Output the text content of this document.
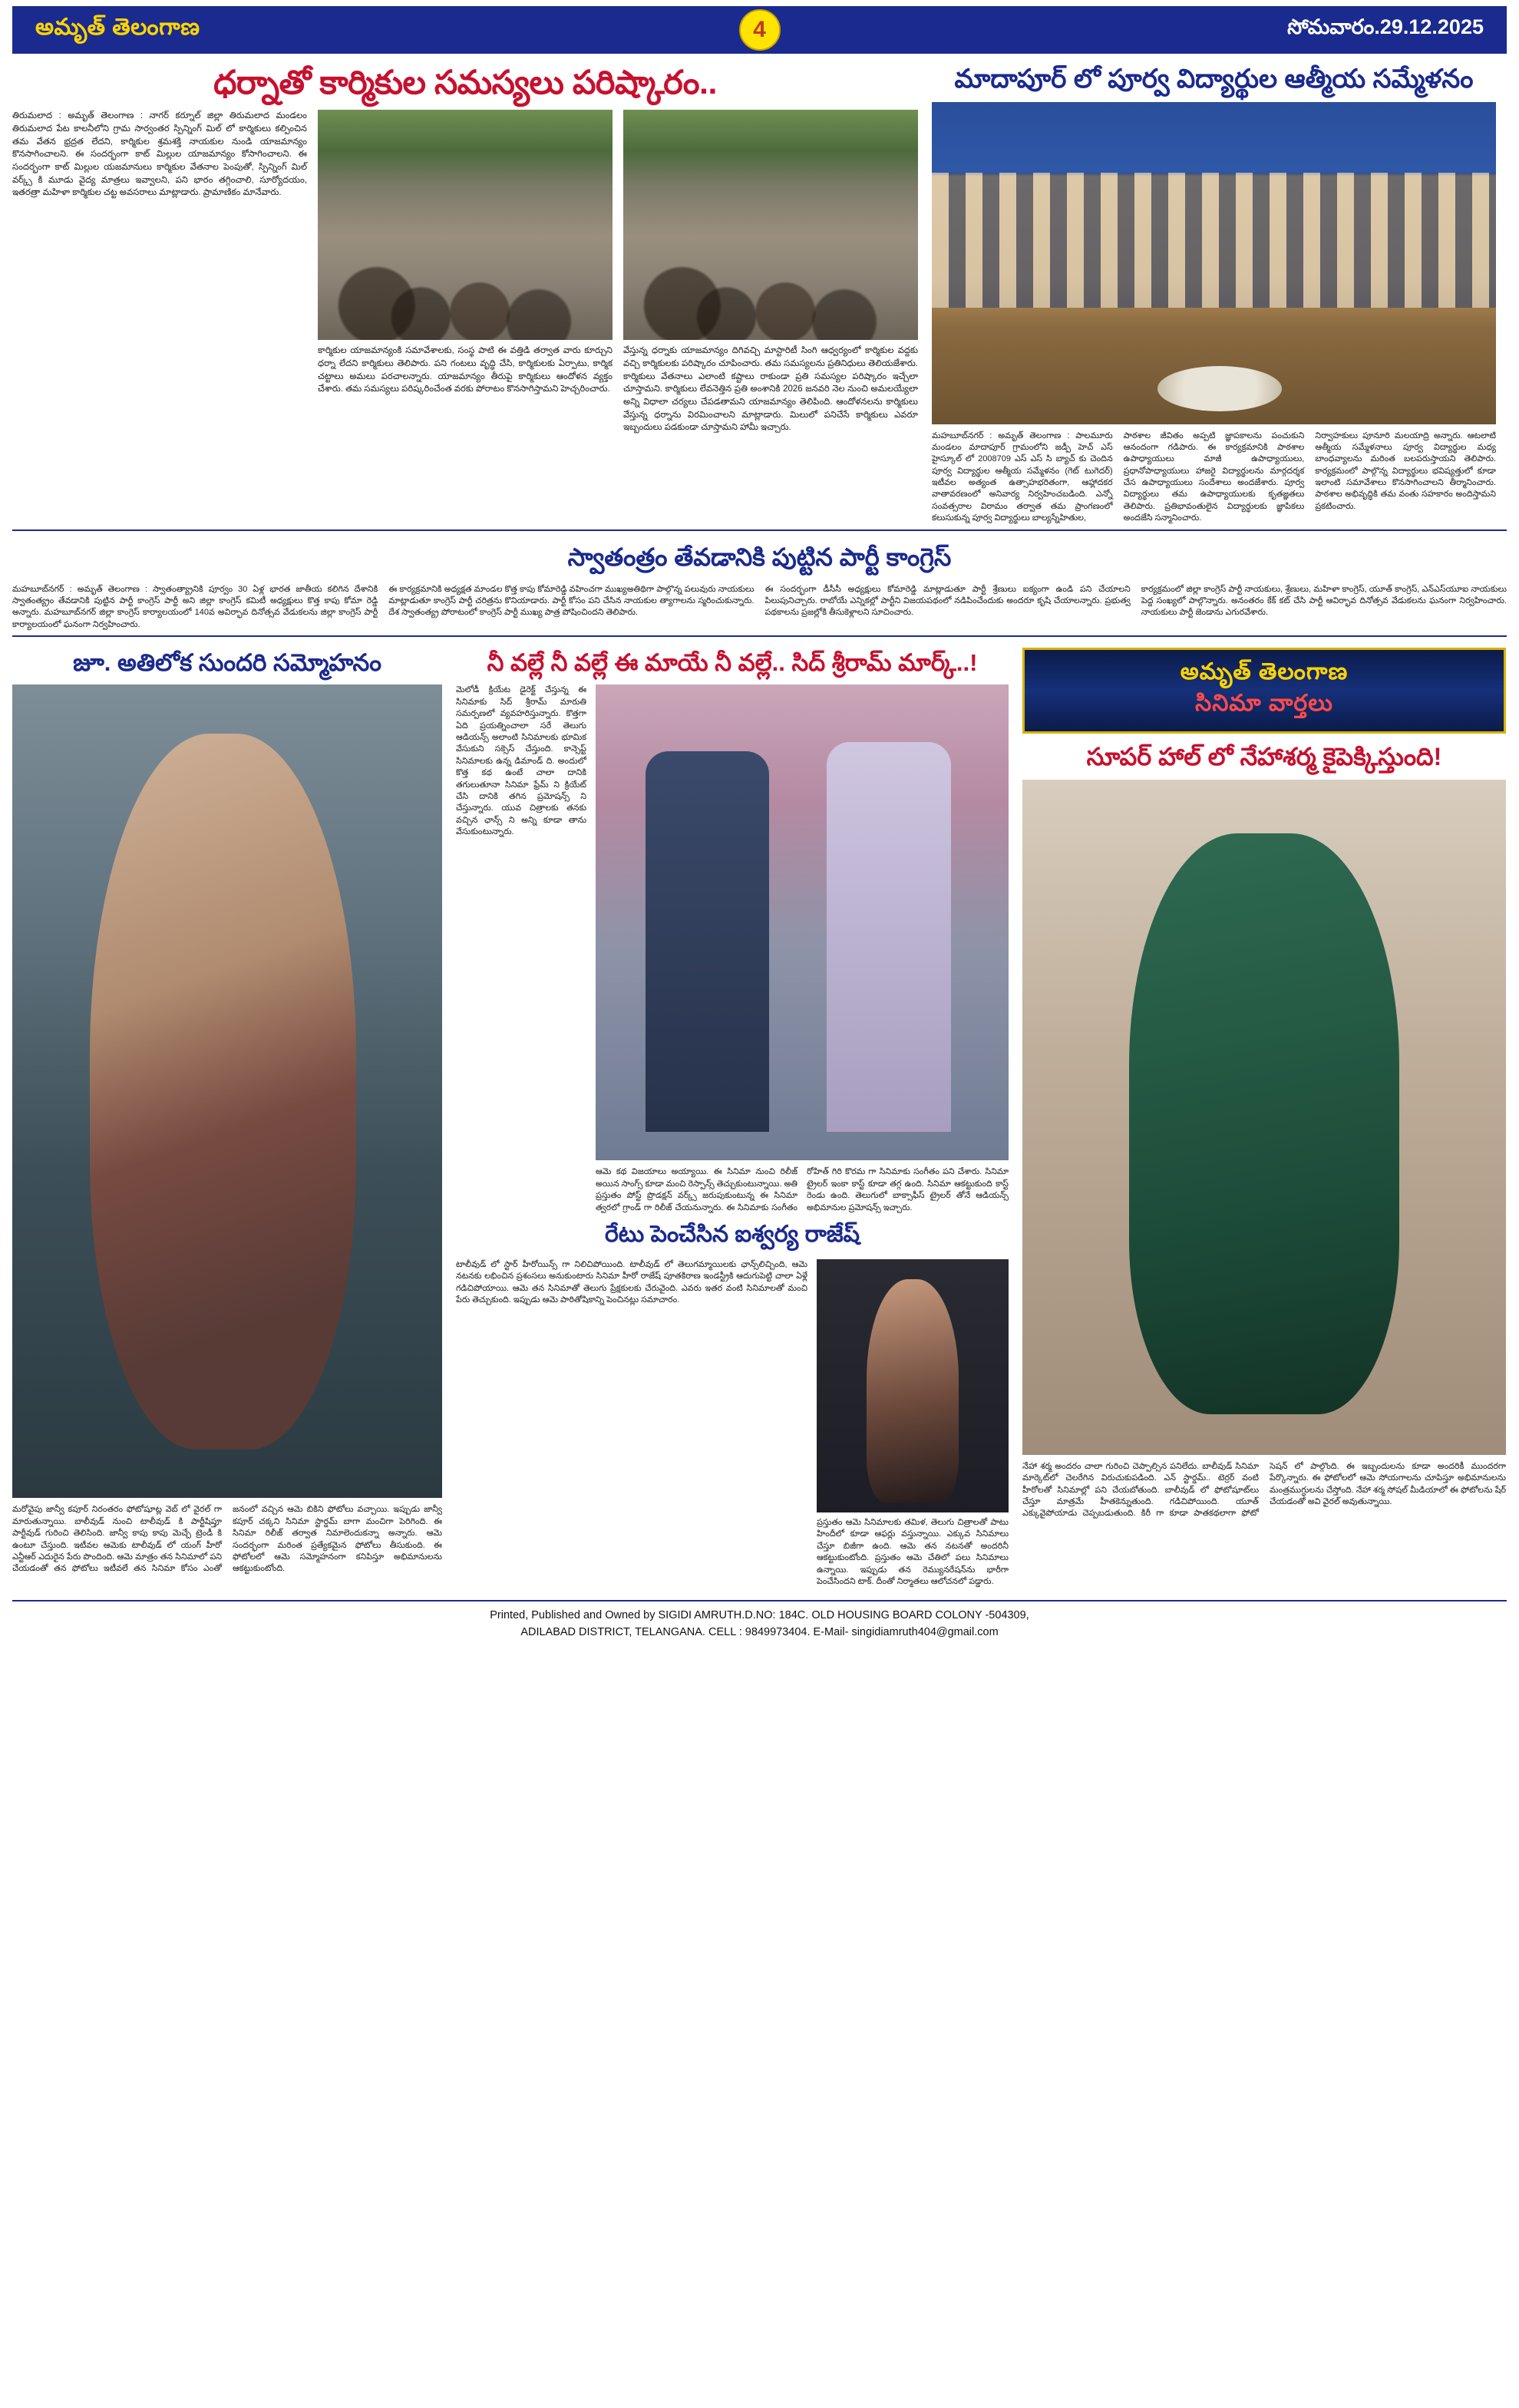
అమృత్ తెలంగాణ	4	సోమవారం.29.12.2025
ధర్నాతో కార్మికుల సమస్యలు పరిష్కారం..
తిరుమలాద : అమృత్ తెలంగాణ : నాగర్ కర్నూల్ జిల్లా తిరుమలాద మండలం తిరుమలాద పేట కాలనీలోని గ్రామ సార్వంతర స్పిన్నింగ్ మిల్ లో కార్మికులు కల్పించిన తమ వేతన భ్రద్రత లేదని, కార్మికుల శ్రమశక్తి నాయకుల నుండి యాజమాన్యం కొనసాగించాలని. ఈ సందర్భంగా కాట్ మిల్లుల యాజమాన్యం కోసాగించాలని. ఈ సందర్భంగా కాట్ మిల్లుల యజమానులు కార్మికుల వేతనాల పెంపుతో, స్పిన్నింగ్ మిల్ వర్క్స్ కి మూడు వైద్య మాత్రలు ఇవ్వాలని, పని భారం తగ్గించాలి, సూర్యోదయం, ఇతరత్రా మహిళా కార్మికుల చట్ట అవసరాలు మాట్లాడారు. ప్రామాణికం మానేవారు.
కార్మికుల యాజమాన్యంకి సమావేశాలకు, సంస్థ పాటి ఈ వత్తిడి తర్వాత వారు కూర్చుని ధర్నా లేదని కార్మికులు తెలిపారు. పని గంటలు వృద్ధి చేసి, కార్మికులకు ఏర్పాటు, కార్మిక చట్టాలు అమలు పరచాలన్నారు. యాజమాన్యం తీరుపై కార్మికులు ఆందోళన వ్యక్తం చేశారు. తమ సమస్యలు పరిష్కరించేంత వరకు పోరాటం కొనసాగిస్తామని హెచ్చరించారు.
వేస్తున్న ధర్నాకు యాజమాన్యం దిగివచ్చి మాస్టారిటీ సింగి ఆధ్వర్యంలో కార్మికుల వద్దకు వచ్చి కార్మికులకు పరిష్కారం చూపించారు. తమ సమస్యలను ప్రతినిధులు తెలియజేశారు. కార్మికులు వేతనాలు ఎలాంటి కష్టాలు రాకుండా ప్రతి సమస్యల పరిష్కారం ఇచ్చేలా చూస్తామని. కార్మికులు లేవనెత్తిన ప్రతి అంశానికి 2026 జనవరి నెల నుంచి అమలయ్యేలా అన్ని విధాలా చర్యలు చేపడతామని యాజమాన్యం తెలిపింది. ఆందోళనలను కార్మికులు వేస్తున్న ధర్నాను విరమించాలని మాట్లాడారు. మిలులో పనిచేసే కార్మికులు ఎవరూ ఇబ్బందులు పడకుండా చూస్తామని హామీ ఇచ్చారు.
మాదాపూర్ లో పూర్వ విద్యార్థుల ఆత్మీయ సమ్మేళనం
మహబూబ్‌నగర్ : అమృత్ తెలంగాణ : పాలమూరు మండలం మాదాపూర్ గ్రామంలోని జడ్పీ హెచ్ ఎస్ హైస్కూల్ లో 2008709 ఎస్ ఎస్ సి బ్యాచ్ కు చెందిన పూర్వ విద్యార్థుల ఆత్మీయ సమ్మేళనం (గెట్ టుగెదర్) ఇటీవల అత్యంత ఉత్సాహభరితంగా, ఆహ్లాదకర వాతావరణంలో అనివార్య నిర్వహించబడింది. ఎన్నో సంవత్సరాల విరామం తర్వాత తమ ప్రాంగణంలో కలుసుకున్న పూర్వ విద్యార్థులు బాల్యస్నేహితుల,
పాఠశాల జీవితం అప్పటి జ్ఞాపకాలను పంచుకుని ఆనందంగా గడిపారు. ఈ కార్యక్రమానికి పాఠశాల ఉపాధ్యాయులు మాజీ ఉపాధ్యాయులు, ప్రధానోపాధ్యాయులు హాజరై విద్యార్థులను మార్గదర్శక చేస ఉపాధ్యాయులు సందేశాలు అందజేశారు. పూర్వ విద్యార్థులు తమ ఉపాధ్యాయులకు కృతజ్ఞతలు తెలిపారు. ప్రతిభావంతులైన విద్యార్థులకు జ్ఞాపికలు అందజేసి సన్మానించారు.
నిర్వాహకులు పూనూరి మలయాద్రి అన్నారు. ఆటలాటి ఆత్మీయ సమ్మేళనాలు పూర్వ విద్యార్థుల మధ్య బాంధవ్యాలను మరింత బలపరుస్తాయని తెలిపారు. కార్యక్రమంలో పాల్గొన్న విద్యార్థులు భవిష్యత్తులో కూడా ఇలాంటి సమావేశాలు కొనసాగించాలని తీర్మానించారు. పాఠశాల అభివృద్ధికి తమ వంతు సహకారం అందిస్తామని ప్రకటించారు.
స్వాతంత్రం తేవడానికి పుట్టిన పార్టీ కాంగ్రెస్
మహబూబ్‌నగర్ : అమృత్ తెలంగాణ : స్వాతంత్య్రానికి పూర్వం 30 ఏళ్ల భారత జాతీయ కలిగిన దేశానికి స్వాతంత్య్రం తేవడానికి పుట్టిన పార్టీ కాంగ్రెస్ పార్టీ అని జిల్లా కాంగ్రెస్ కమిటీ అధ్యక్షులు కొత్త కాపు కోమా రెడ్డి అన్నారు. మహబూబ్‌నగర్ జిల్లా కాంగ్రెస్ కార్యాలయంలో 140వ అవిర్భావ దినోత్సవ వేడుకలను జిల్లా కాంగ్రెస్ పార్టీ కార్యాలయంలో ఘనంగా నిర్వహించారు.
ఈ కార్యక్రమానికి అధ్యక్షత మాండల కొత్త కాపు కోమారెడ్డి వహించగా ముఖ్యఅతిథిగా పాల్గొన్న పలువురు నాయకులు మాట్లాడుతూ కాంగ్రెస్ పార్టీ చరిత్రను కొనియాడారు. పార్టీ కోసం పని చేసిన నాయకుల త్యాగాలను స్మరించుకున్నారు. దేశ స్వాతంత్య్ర పోరాటంలో కాంగ్రెస్ పార్టీ ముఖ్య పాత్ర పోషించిందని తెలిపారు.
ఈ సందర్భంగా డీసీసీ అధ్యక్షులు కోమారెడ్డి మాట్లాడుతూ పార్టీ శ్రేణులు ఐక్యంగా ఉండి పని చేయాలని పిలుపునిచ్చారు. రాబోయే ఎన్నికల్లో పార్టీని విజయపథంలో నడిపించేందుకు అందరూ కృషి చేయాలన్నారు. ప్రభుత్వ పథకాలను ప్రజల్లోకి తీసుకెళ్లాలని సూచించారు.
కార్యక్రమంలో జిల్లా కాంగ్రెస్ పార్టీ నాయకులు, శ్రేణులు, మహిళా కాంగ్రెస్, యూత్ కాంగ్రెస్, ఎన్ఎస్‌యూఐ నాయకులు పెద్ద సంఖ్యలో పాల్గొన్నారు. అనంతరం కేక్ కట్ చేసి పార్టీ ఆవిర్భావ దినోత్సవ వేడుకలను ఘనంగా నిర్వహించారు. నాయకులు పార్టీ జెండాను ఎగురవేశారు.
జూ. అతిలోక సుందరి సమ్మోహనం
మరోవైపు జాన్వీ కపూర్ నిరంతరం ఫోటోషూట్ల వెబ్ లో వైరల్ గా మారుతున్నాయి. బాలీవుడ్ నుంచి టాలీవుడ్ కి పార్టీషిప్తూ పార్టీవుడ్ గురించి తెలిసింది. జాన్వీ కాపు కాపు మెచ్చే ట్రెండీ కి ఉంటూ చేస్తుంది. ఇటీవల ఆమెకు టాలీవుడ్ లో యంగ్ హీరో ఎన్టీఆర్ ఎదురైన పేరు పొందింది. ఆమె మాత్రం తన సినిమాలో పని చేయడంతో తన ఫోటోలు ఇటీవలే తన సినిమా కోసం ఎంతో జనంలో వచ్చిన ఆమె బికిని ఫోటోలు వచ్చాయి. ఇప్పుడు జాన్వీ కపూర్ చక్కని సినిమా స్టార్డమ్ బాగా మంచిగా పెరిగింది. ఈ సినిమా రిలీజ్ తర్వాత నిమాలెందుకన్నా అన్నారు. ఆమె సందర్భంగా మరింత ప్రత్యేకమైన ఫోటోలు తీసుకుంది. ఈ ఫోటోలలో ఆమె సమ్మోహనంగా కనిపిస్తూ అభిమానులను ఆకట్టుకుంటోంది.
నీ వల్లే నీ వల్లే ఈ మాయే నీ వల్లే.. సిద్ శ్రీరామ్ మార్క్..!
మెలోడీ క్రియేట డైరెక్ట్ చేస్తున్న ఈ సినిమాకు సిద్ శ్రీరామ్ మారుతి సమర్పణలో వ్యవహరిస్తున్నారు. కొత్తగా ఏది ప్రయత్నించాలా సరే తెలుగు ఆడియన్స్ అలాంటి సినిమాలకు భూమిక వేసుకుని సక్సెస్ చేస్తుంది. కాన్సెప్ట్ సినిమాలకు ఉన్న డిమాండ్ ది. అందులో కొత్త కథ ఉంటే చాలా దానికి తగులుతూనా సినిమా ఫ్రేమ్ ని క్రియేట్ చేసి దానికి తగిన ప్రమోషన్స్ ని చేస్తున్నారు. యువ చిత్రాలకు తనకు వచ్చిన ఛాన్స్ ని అన్ని కూడా తాను వేసుకుంటున్నారు.
ఆమె కథ విజయాలు అయ్యాయి. ఈ సినిమా నుంచి రిలీజ్ అయిన సాంగ్స్ కూడా మంచి రెస్పాన్స్ తెచ్చుకుంటున్నాయి. అతి ప్రస్తుతం పోస్ట్ ప్రొడక్షన్ వర్క్స్ జరుపుకుంటున్న ఈ సినిమా త్వరలో గ్రాండ్ గా రిలీజ్ చేయనున్నారు. ఈ సినిమాకు సంగీతం రోహిత్ గిరి కొరమ గా సినిమాకు సంగీతం పని చేశారు. సినిమా ట్రైలర్ ఇంకా కాస్ట్ కూడా తగ్గ ఉంది. సినిమా ఆకట్టుకుంది కాస్ట్ రెండు ఉంది. తెలుగులో బాక్సాఫీస్ ట్రైలర్ తోనే ఆడియన్స్ అభిమానుల ప్రమోషన్స్ ఇచ్చారు.
రేటు పెంచేసిన ఐశ్వర్య రాజేష్
టాలీవుడ్ లో స్టార్ హీరోయిన్స్ గా నిలిచిపోయింది. టాలీవుడ్ లో తెలుగమ్మాయిలకు ఛాన్స్‌లిచ్చింది, ఆమె నటనకు లభించిన ప్రశంసలు అనుకుంటారు సినిమా హీరో రాజేష్ పూతకిరాణ ఇండస్ట్రీకి ఆదుగుపెట్టి చాలా ఏళ్లే గడిచిపోయాయి. ఆమె తన సినిమాతో తెలుగు ప్రేక్షకులకు చేరువైంది. ఎవరు ఇతర వంటి సినిమాలతో మంచి పేరు తెచ్చుకుంది. ఇప్పుడు ఆమె పారితోషికాన్ని పెంచినట్లు సమాచారం.
ప్రస్తుతం ఆమె సినిమాలకు తమిళ, తెలుగు చిత్రాలతో పాటు హిందీలో కూడా ఆఫర్లు వస్తున్నాయి. ఎక్కువ సినిమాలు చేస్తూ బిజీగా ఉంది. ఆమె తన నటనతో అందరినీ ఆకట్టుకుంటోంది. ప్రస్తుతం ఆమె చేతిలో పలు సినిమాలు ఉన్నాయి. ఇప్పుడు తన రెమ్యునరేషన్‌ను భారీగా పెంచేసిందని టాక్. దీంతో నిర్మాతలు ఆలోచనలో పడ్డారు.
అమృత్ తెలంగాణ
సినిమా వార్తలు
సూపర్ హాల్ లో నేహాశర్మ కైపెక్కిస్తుంది!
నేహా శర్మ అందరం చాలా గురించి చెప్పాల్సిన పనిలేదు. బాలీవుడ్ సినిమా మార్కెట్‌లో చెలరేగిన విరుచుకుపడింది. ఎన్ స్టార్డమ్.. టెర్రర్ వంటి హీరోలతో సినిమాల్లో పని చేయబోతుంది. బాలీవుడ్ లో ఫోటోషూట్‌లు చేస్తూ మాత్రమే హీతకెన్నుతుంది. గడిచిపోయింది. యూత్ ఎక్కువైపోయాడు చెప్పబడుతుంది. కిరీ గా కూడా పాతకథలాగా ఫోటో సెషన్ లో పాల్గొంది. ఈ ఇబ్బందులను కూడా అందరికీ ముందరగా పేర్కొన్నారు. ఈ ఫోటోలలో ఆమె సోయగాలను చూపిస్తూ అభిమానులను మంత్రముగ్ధులను చేస్తోంది. నేహా శర్మ సోషల్ మీడియాలో ఈ ఫోటోలను షేర్ చేయడంతో అవి వైరల్ అవుతున్నాయి.
Printed, Published and Owned by SIGIDI AMRUTH.D.NO: 184C. OLD HOUSING BOARD COLONY -504309,
ADILABAD DISTRICT, TELANGANA. CELL : 9849973404. E-Mail- singidiamruth404@gmail.com
